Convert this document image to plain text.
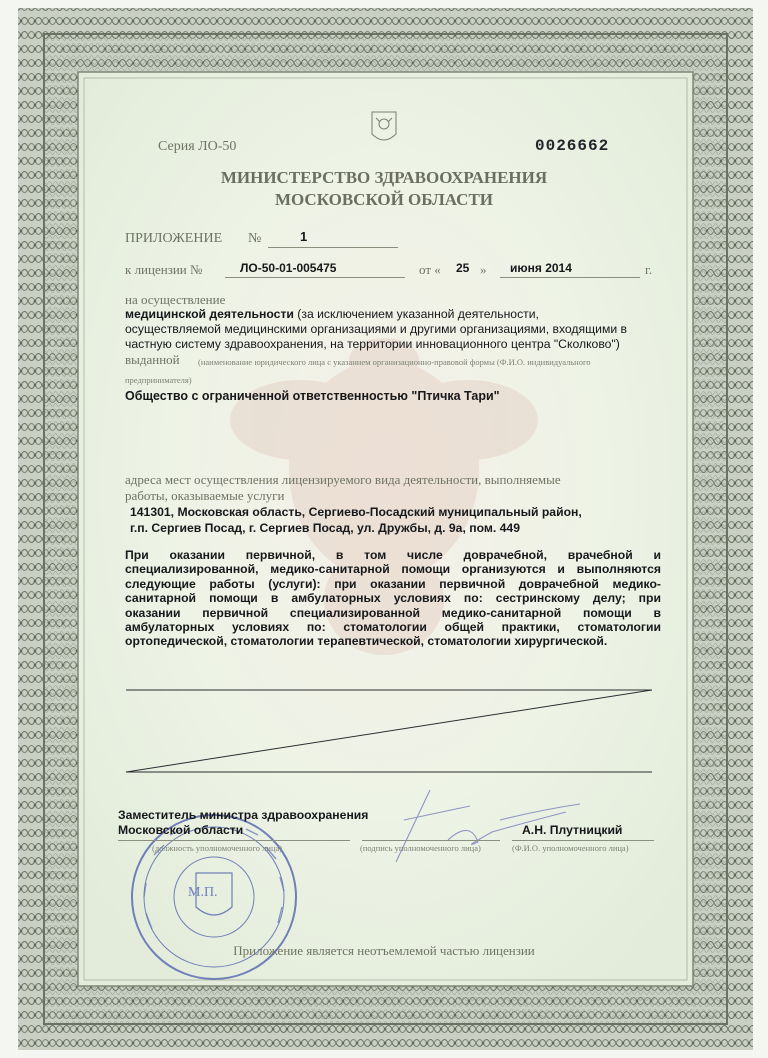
Серия ЛО-50	0026662
МИНИСТЕРСТВО ЗДРАВООХРАНЕНИЯ
МОСКОВСКОЙ ОБЛАСТИ
ПРИЛОЖЕНИЕ №	1
к лицензии №	ЛО-50-01-005475	от « 25 » июня 2014	г.
на осуществление
медицинской деятельности (за исключением указанной деятельности,
осуществляемой медицинскими организациями и другими организациями, входящими в
частную систему здравоохранения, на территории инновационного центра "Сколково")
выданной (наименование юридического лица с указанием организационно-правовой формы (Ф.И.О. индивидуального
предпринимателя)
Общество с ограниченной ответственностью "Птичка Тари"
адреса мест осуществления лицензируемого вида деятельности, выполняемые
работы, оказываемые услуги
141301, Московская область, Сергиево-Посадский муниципальный район,
г.п. Сергиев Посад, г. Сергиев Посад, ул. Дружбы, д. 9а, пом. 449
При оказании первичной, в том числе доврачебной, врачебной и
специализированной, медико-санитарной помощи организуются и выполняются
следующие работы (услуги): при оказании первичной доврачебной медико-
санитарной помощи в амбулаторных условиях по: сестринскому делу; при
оказании первичной специализированной медико-санитарной помощи в
амбулаторных условиях по: стоматологии общей практики, стоматологии
ортопедической, стоматологии терапевтической, стоматологии хирургической.
Заместитель министра здравоохранения
Московской области	А.Н. Плутницкий
(должность уполномоченного лица)	(подпись уполномоченного лица)	(Ф.И.О. уполномоченного лица)
М.П.
Приложение является неотъемлемой частью лицензии
